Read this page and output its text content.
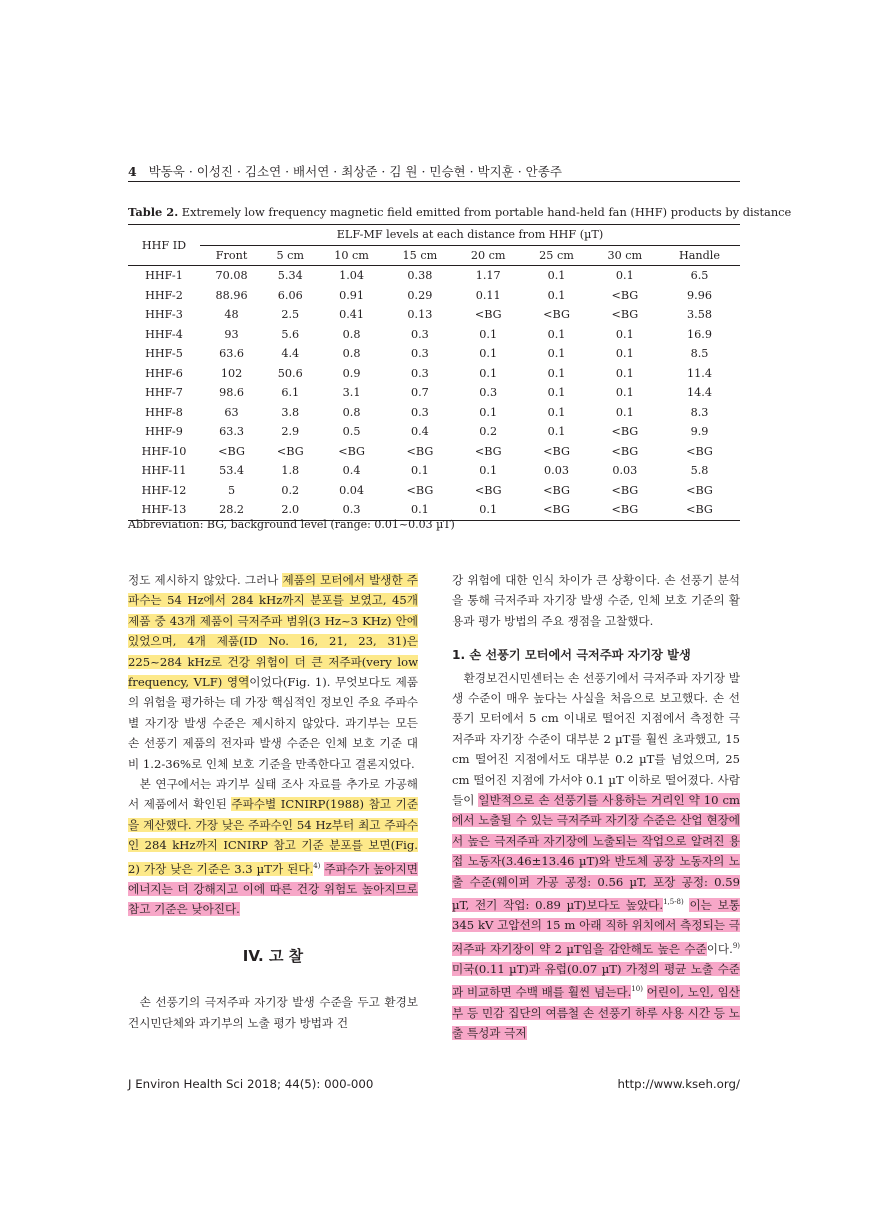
4 박동욱 · 이성진 · 김소연 · 배서연 · 최상준 · 김 원 · 민승현 · 박지훈 · 안종주
Table 2. Extremely low frequency magnetic field emitted from portable hand-held fan (HHF) products by distance
HHF ID	ELF-MF levels at each distance from HHF (µT)							
	Front	5 cm	10 cm	15 cm	20 cm	25 cm	30 cm	Handle
HHF-1	70.08	5.34	1.04	0.38	1.17	0.1	0.1	6.5
HHF-2	88.96	6.06	0.91	0.29	0.11	0.1	<BG	9.96
HHF-3	48	2.5	0.41	0.13	<BG	<BG	<BG	3.58
HHF-4	93	5.6	0.8	0.3	0.1	0.1	0.1	16.9
HHF-5	63.6	4.4	0.8	0.3	0.1	0.1	0.1	8.5
HHF-6	102	50.6	0.9	0.3	0.1	0.1	0.1	11.4
HHF-7	98.6	6.1	3.1	0.7	0.3	0.1	0.1	14.4
HHF-8	63	3.8	0.8	0.3	0.1	0.1	0.1	8.3
HHF-9	63.3	2.9	0.5	0.4	0.2	0.1	<BG	9.9
HHF-10	<BG	<BG	<BG	<BG	<BG	<BG	<BG	<BG
HHF-11	53.4	1.8	0.4	0.1	0.1	0.03	0.03	5.8
HHF-12	5	0.2	0.04	<BG	<BG	<BG	<BG	<BG
HHF-13	28.2	2.0	0.3	0.1	0.1	<BG	<BG	<BG
Abbreviation: BG, background level (range: 0.01~0.03 µT)

정도 제시하지 않았다. 그러나 제품의 모터에서 발생한 주파수는 54 Hz에서 284 kHz까지 분포를 보였고, 45개 제품 중 43개 제품이 극저주파 범위(3 Hz~3 KHz) 안에 있었으며, 4개 제품(ID No. 16, 21, 23, 31)은 225~284 kHz로 건강 위험이 더 큰 저주파(very low frequency, VLF) 영역이었다(Fig. 1). 무엇보다도 제품의 위험을 평가하는 데 가장 핵심적인 정보인 주요 주파수별 자기장 발생 수준은 제시하지 않았다. 과기부는 모든 손 선풍기 제품의 전자파 발생 수준은 인체 보호 기준 대비 1.2-36%로 인체 보호 기준을 만족한다고 결론지었다.

본 연구에서는 과기부 실태 조사 자료를 추가로 가공해서 제품에서 확인된 주파수별 ICNIRP(1988) 참고 기준을 계산했다. 가장 낮은 주파수인 54 Hz부터 최고 주파수인 284 kHz까지 ICNIRP 참고 기준 분포를 보면(Fig. 2) 가장 낮은 기준은 3.3 µT가 된다.$^{4)}$ 주파수가 높아지면 에너지는 더 강해지고 이에 따른 건강 위험도 높아지므로 참고 기준은 낮아진다.

IV. 고 찰

손 선풍기의 극저주파 자기장 발생 수준을 두고 환경보건시민단체와 과기부의 노출 평가 방법과 건

강 위험에 대한 인식 차이가 큰 상황이다. 손 선풍기 분석을 통해 극저주파 자기장 발생 수준, 인체 보호 기준의 활용과 평가 방법의 주요 쟁점을 고찰했다.

1. 손 선풍기 모터에서 극저주파 자기장 발생

환경보건시민센터는 손 선풍기에서 극저주파 자기장 발생 수준이 매우 높다는 사실을 처음으로 보고했다. 손 선풍기 모터에서 5 cm 이내로 떨어진 지점에서 측정한 극저주파 자기장 수준이 대부분 2 µT를 훨씬 초과했고, 15 cm 떨어진 지점에서도 대부분 0.2 µT를 넘었으며, 25 cm 떨어진 지점에 가서야 0.1 µT 이하로 떨어졌다. 사람들이 일반적으로 손 선풍기를 사용하는 거리인 약 10 cm에서 노출될 수 있는 극저주파 자기장 수준은 산업 현장에서 높은 극저주파 자기장에 노출되는 작업으로 알려진 용접 노동자(3.46±13.46 µT)와 반도체 공장 노동자의 노출 수준(웨이퍼 가공 공정: 0.56 µT, 포장 공정: 0.59 µT, 전기 작업: 0.89 µT)보다도 높았다.$^{1,5-8)}$ 이는 보통 345 kV 고압선의 15 m 아래 직하 위치에서 측정되는 극저주파 자기장이 약 2 µT임을 감안해도 높은 수준이다.$^{9)}$ 미국(0.11 µT)과 유럽(0.07 µT) 가정의 평균 노출 수준과 비교하면 수백 배를 훨씬 넘는다.$^{10)}$ 어린이, 노인, 임산부 등 민감 집단의 여름철 손 선풍기 하루 사용 시간 등 노출 특성과 극저

J Environ Health Sci 2018; 44(5): 000-000	http://www.kseh.org/
